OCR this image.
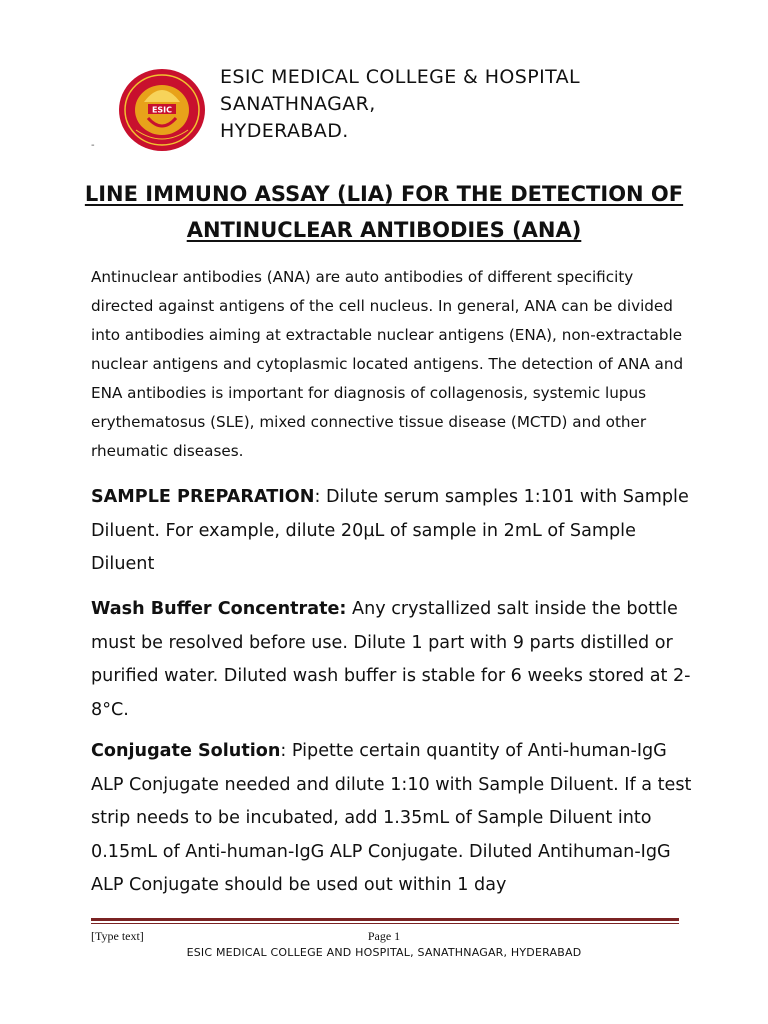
ESIC
ESIC MEDICAL COLLEGE & HOSPITAL
SANATHNAGAR,
HYDERABAD.
-
LINE IMMUNO ASSAY (LIA) FOR THE DETECTION OF
ANTINUCLEAR ANTIBODIES (ANA)
Antinuclear antibodies (ANA) are auto antibodies of different specificity directed against antigens of the cell nucleus. In general, ANA can be divided into antibodies aiming at extractable nuclear antigens (ENA), non-extractable nuclear antigens and cytoplasmic located antigens. The detection of ANA and ENA antibodies is important for diagnosis of collagenosis, systemic lupus erythematosus (SLE), mixed connective tissue disease (MCTD) and other rheumatic diseases.
SAMPLE PREPARATION: Dilute serum samples 1:101 with Sample Diluent. For example, dilute 20µL of sample in 2mL of Sample Diluent
Wash Buffer Concentrate: Any crystallized salt inside the bottle must be resolved before use. Dilute 1 part with 9 parts distilled or purified water. Diluted wash buffer is stable for 6 weeks stored at 2-8°C.
Conjugate Solution: Pipette certain quantity of Anti-human-IgG ALP Conjugate needed and dilute 1:10 with Sample Diluent. If a test strip needs to be incubated, add 1.35mL of Sample Diluent into 0.15mL of Anti-human-IgG ALP Conjugate. Diluted Antihuman-IgG ALP Conjugate should be used out within 1 day
[Type text]	Page 1
ESIC MEDICAL COLLEGE AND HOSPITAL, SANATHNAGAR, HYDERABAD
